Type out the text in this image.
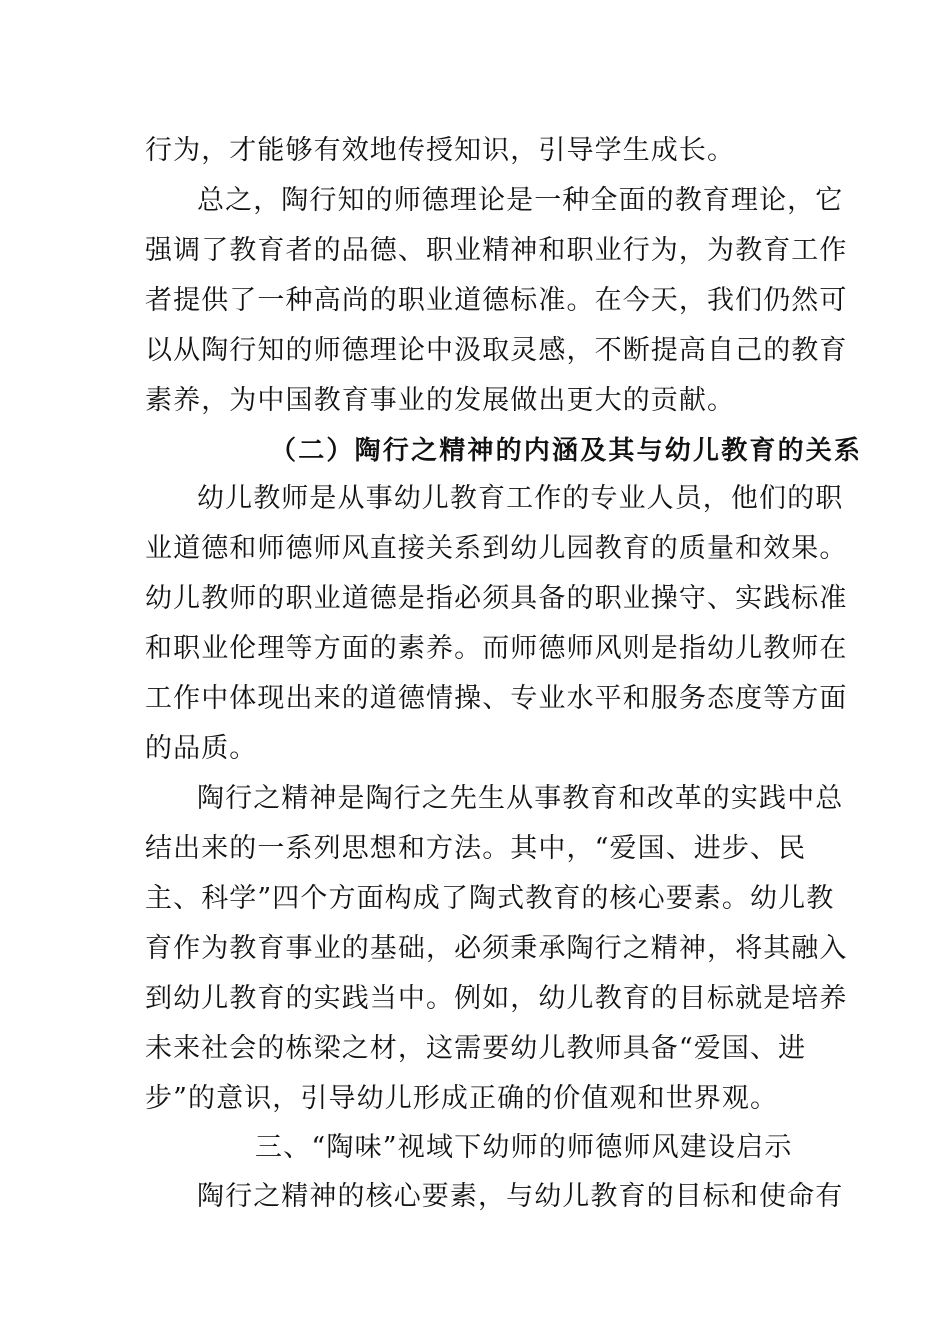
行为，才能够有效地传授知识，引导学生成长。
总之，陶行知的师德理论是一种全面的教育理论，它
强调了教育者的品德、职业精神和职业行为，为教育工作
者提供了一种高尚的职业道德标准。在今天，我们仍然可
以从陶行知的师德理论中汲取灵感，不断提高自己的教育
素养，为中国教育事业的发展做出更大的贡献。
（二）陶行之精神的内涵及其与幼儿教育的关系
幼儿教师是从事幼儿教育工作的专业人员，他们的职
业道德和师德师风直接关系到幼儿园教育的质量和效果。
幼儿教师的职业道德是指必须具备的职业操守、实践标准
和职业伦理等方面的素养。而师德师风则是指幼儿教师在
工作中体现出来的道德情操、专业水平和服务态度等方面
的品质。
陶行之精神是陶行之先生从事教育和改革的实践中总
结出来的一系列思想和方法。其中，“爱国、进步、民
主、科学”四个方面构成了陶式教育的核心要素。幼儿教
育作为教育事业的基础，必须秉承陶行之精神，将其融入
到幼儿教育的实践当中。例如，幼儿教育的目标就是培养
未来社会的栋梁之材，这需要幼儿教师具备“爱国、进
步”的意识，引导幼儿形成正确的价值观和世界观。
三、“陶味”视域下幼师的师德师风建设启示
陶行之精神的核心要素，与幼儿教育的目标和使命有
